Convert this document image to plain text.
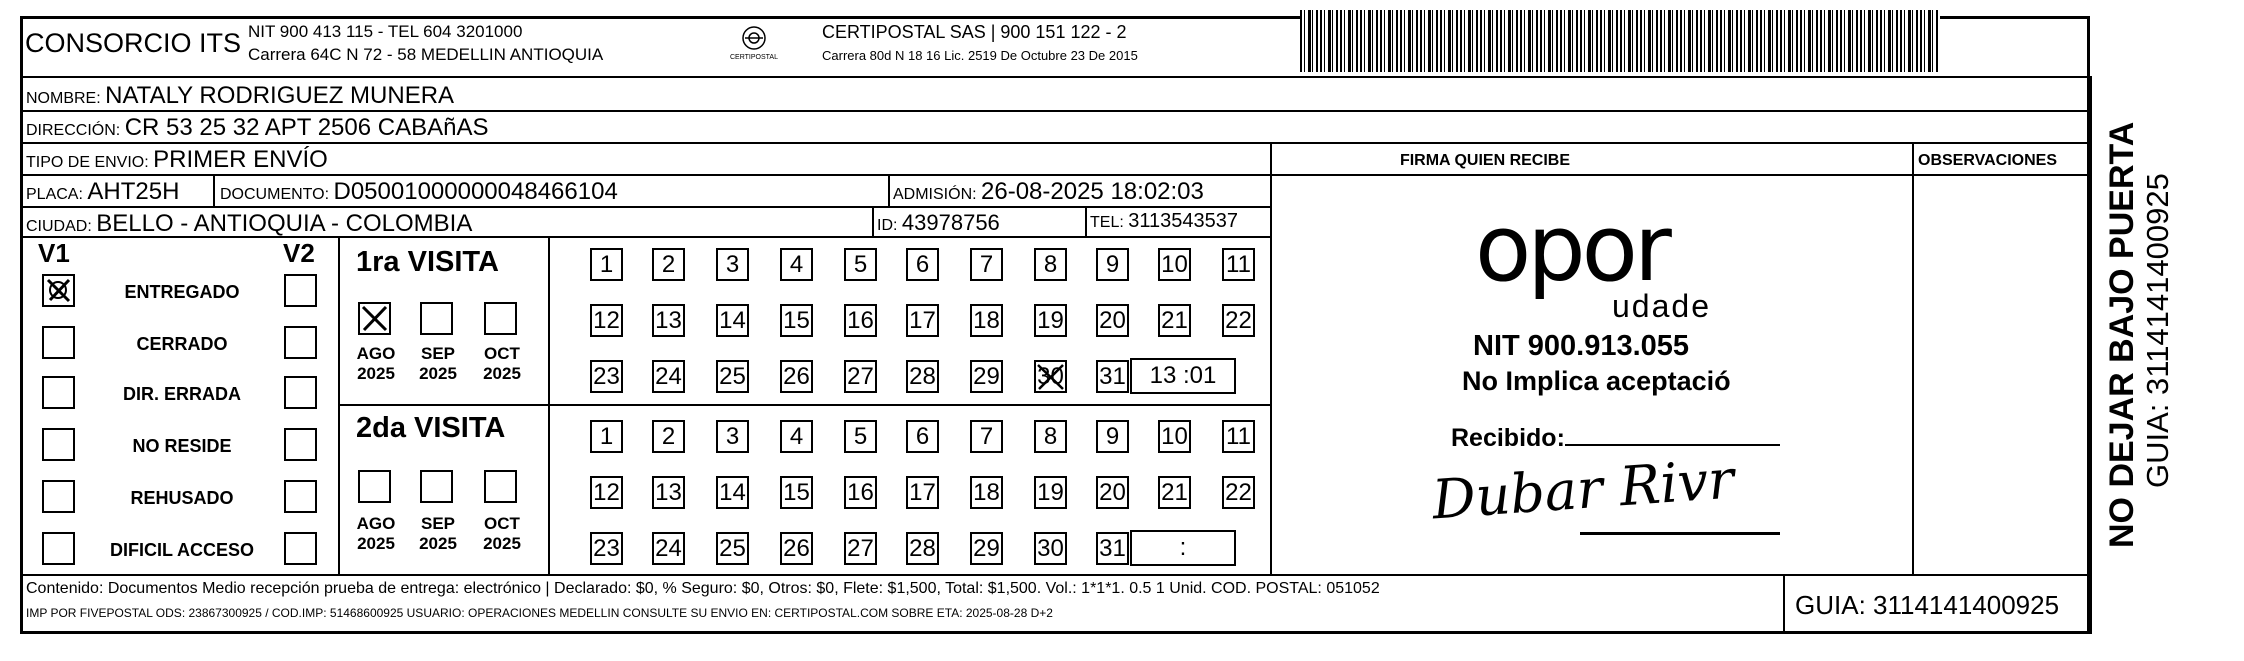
CONSORCIO ITS NIT 900 413 115 - TEL 604 3201000
Carrera 64C N 72 - 58 MEDELLIN ANTIOQUIA	CERTIPOSTAL
CERTIPOSTAL SAS | 900 151 122 - 2
Carrera 80d N 18 16 Lic. 2519 De Octubre 23 De 2015
NOMBRE: NATALY RODRIGUEZ MUNERA
DIRECCIÓN: CR 53 25 32 APT 2506 CABAñAS
TIPO DE ENVIO: PRIMER ENVÍO	FIRMA QUIEN RECIBE	OBSERVACIONES
PLACA: AHT25H	DOCUMENTO: D05001000000048466104	ADMISIÓN: 26-08-2025 18:02:03
CIUDAD: BELLO - ANTIOQUIA - COLOMBIA	ID: 43978756	TEL: 3113543537
V1	V2
ENTREGADO
CERRADO
DIR. ERRADA
NO RESIDE
REHUSADO
DIFICIL ACCESO
1ra VISITA
2da VISITA
AGO
2025
SEP
2025
OCT
2025
AGO
2025
SEP
2025
OCT
2025
1 2 3 4 5 6 7 8 9 10 11
12 13 14 15 16 17 18 19 20 21 22
23 24 25 26 27 28 29 30 31 13 :01
1 2 3 4 5 6 7 8 9 10 11
12 13 14 15 16 17 18 19 20 21 22
23 24 25 26 27 28 29 30 31	:
opor
udade
NIT 900.913.055
No Implica aceptació
Recibido:
Dubar Rivr	NO DEJAR BAJO PUERTA GUIA: 3114141400925
Contenido: Documentos Medio recepción prueba de entrega: electrónico | Declarado: $0, % Seguro: $0, Otros: $0, Flete: $1,500, Total: $1,500. Vol.: 1*1*1. 0.5 1 Unid. COD. POSTAL: 051052
IMP POR FIVEPOSTAL ODS: 23867300925 / COD.IMP: 51468600925 USUARIO: OPERACIONES MEDELLIN CONSULTE SU ENVIO EN: CERTIPOSTAL.COM SOBRE ETA: 2025-08-28 D+2	GUIA: 3114141400925
